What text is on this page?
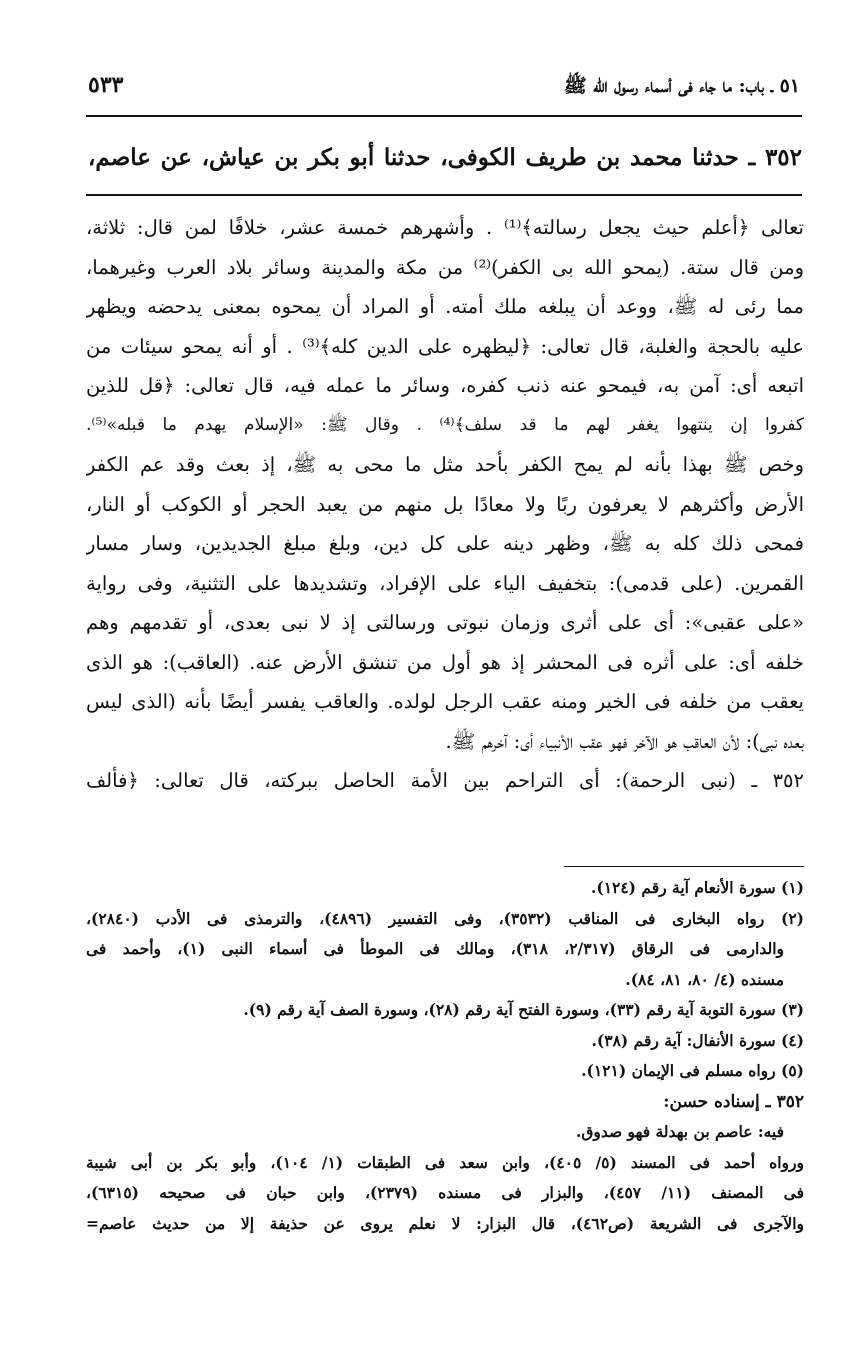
٥١ ـ باب: ما جاء فى أسماء رسول الله ﷺ
٥٣٣
٣٥٢ ـ حدثنا محمد بن طريف الكوفى، حدثنا أبو بكر بن عياش، عن عاصم،

تعالى ﴿أعلم حيث يجعل رسالته﴾⁽¹⁾ . وأشهرهم خمسة عشر، خلافًا لمن قال: ثلاثة،

ومن قال ستة. (يمحو الله بى الكفر)⁽²⁾ من مكة والمدينة وسائر بلاد العرب وغيرهما،

مما رئى له ﷺ، ووعد أن يبلغه ملك أمته. أو المراد أن يمحوه بمعنى يدحضه ويظهر

عليه بالحجة والغلبة، قال تعالى: ﴿ليظهره على الدين كله﴾⁽³⁾ . أو أنه يمحو سيئات من

اتبعه أى: آمن به، فيمحو عنه ذنب كفره، وسائر ما عمله فيه، قال تعالى: ﴿قل للذين

كفروا إن ينتهوا يغفر لهم ما قد سلف﴾⁽⁴⁾ . وقال ﷺ: «الإسلام يهدم ما قبله»⁽⁵⁾.

وخص ﷺ بهذا بأنه لم يمح الكفر بأحد مثل ما محى به ﷺ، إذ بعث وقد عم الكفر

الأرض وأكثرهم لا يعرفون ربًا ولا معادًا بل منهم من يعبد الحجر أو الكوكب أو النار،

فمحى ذلك كله به ﷺ، وظهر دينه على كل دين، وبلغ مبلغ الجديدين، وسار مسار

القمرين. (على قدمى): بتخفيف الياء على الإفراد، وتشديدها على التثنية، وفى رواية

«على عقبى»: أى على أثرى وزمان نبوتى ورسالتى إذ لا نبى بعدى، أو تقدمهم وهم

خلفه أى: على أثره فى المحشر إذ هو أول من تنشق الأرض عنه. (العاقب): هو الذى

يعقب من خلفه فى الخير ومنه عقب الرجل لولده. والعاقب يفسر أيضًا بأنه (الذى ليس

بعده نبى): لأن العاقب هو الآخر فهو عقب الأنبياء أى: آخرهم ﷺ.

٣٥٢ ـ (نبى الرحمة): أى التراحم بين الأمة الحاصل ببركته، قال تعالى: ﴿فألف

(١) سورة الأنعام آية رقم (١٢٤).

(٢) رواه البخارى فى المناقب (٣٥٣٢)، وفى التفسير (٤٨٩٦)، والترمذى فى الأدب (٢٨٤٠)،

والدارمى فى الرقاق (٢/٣١٧، ٣١٨)، ومالك فى الموطأ فى أسماء النبى (١)، وأحمد فى

مسنده (٤/ ٨٠، ٨١، ٨٤).

(٣) سورة التوبة آية رقم (٣٣)، وسورة الفتح آية رقم (٢٨)، وسورة الصف آية رقم (٩).

(٤) سورة الأنفال: آية رقم (٣٨).

(٥) رواه مسلم فى الإيمان (١٢١).

٣٥٢ ـ إسناده حسن:

فيه: عاصم بن بهدلة فهو صدوق.

ورواه أحمد فى المسند (٥/ ٤٠٥)، وابن سعد فى الطبقات (١/ ١٠٤)، وأبو بكر بن أبى شيبة

فى المصنف (١١/ ٤٥٧)، والبزار فى مسنده (٢٣٧٩)، وابن حبان فى صحيحه (٦٣١٥)،

والآجرى فى الشريعة (ص٤٦٢)، قال البزار: لا نعلم يروى عن حذيفة إلا من حديث عاصم=
